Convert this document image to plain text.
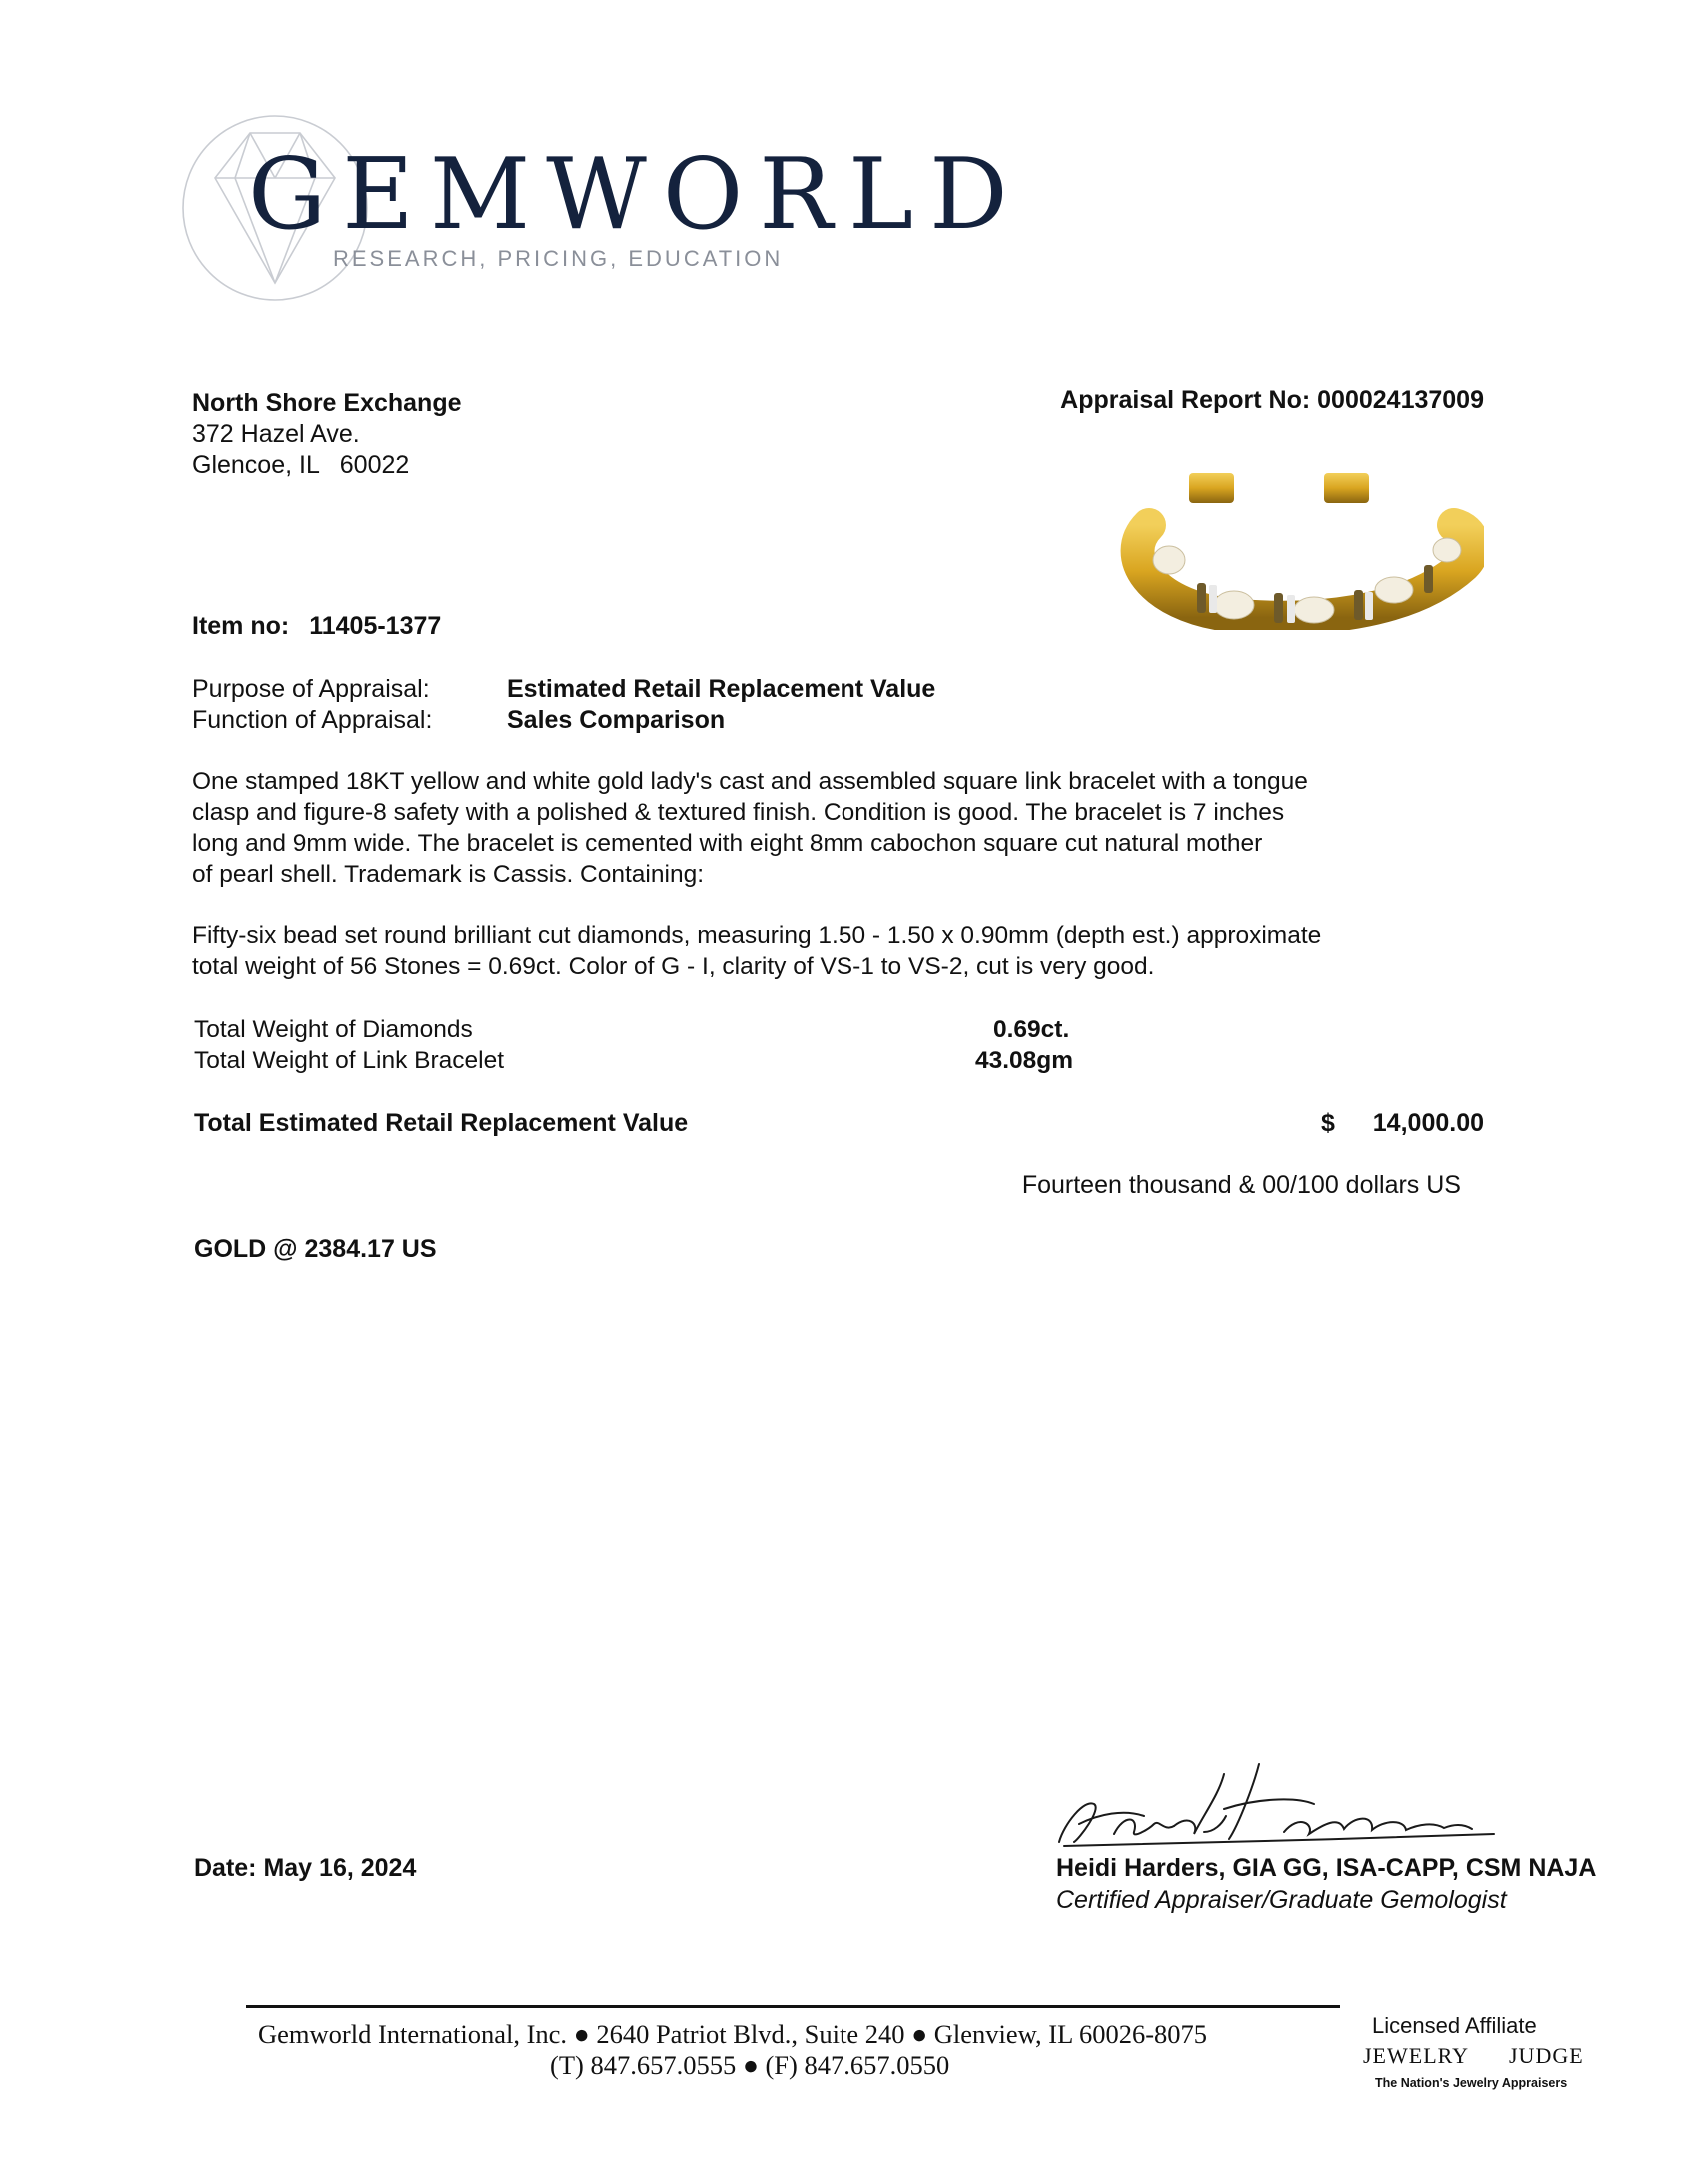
GEMWORLD
RESEARCH, PRICING, EDUCATION
North Shore Exchange
372 Hazel Ave.
Glencoe, IL   60022
Appraisal Report No: 000024137009
Item no: 11405-1377
Purpose of Appraisal:	Estimated Retail Replacement Value
Function of Appraisal:	Sales Comparison
One stamped 18KT yellow and white gold lady's cast and assembled square link bracelet with a tongue
clasp and figure-8 safety with a polished & textured finish. Condition is good. The bracelet is 7 inches
long and 9mm wide. The bracelet is cemented with eight 8mm cabochon square cut natural mother
of pearl shell. Trademark is Cassis. Containing:
Fifty-six bead set round brilliant cut diamonds, measuring 1.50 - 1.50 x 0.90mm (depth est.) approximate
total weight of 56 Stones = 0.69ct. Color of G - I, clarity of VS-1 to VS-2, cut is very good.
Total Weight of Diamonds	0.69ct.
Total Weight of Link Bracelet	43.08gm
Total Estimated Retail Replacement Value	$ 14,000.00
Fourteen thousand & 00/100 dollars US
GOLD @ 2384.17 US
Date: May 16, 2024	Heidi Harders, GIA GG, ISA-CAPP, CSM NAJA
Certified Appraiser/Graduate Gemologist
Gemworld International, Inc. ● 2640 Patriot Blvd., Suite 240 ● Glenview, IL 60026-8075
(T) 847.657.0555 ● (F) 847.657.0550
Licensed Affiliate
JEWELRY JUDGE
The Nation's Jewelry Appraisers
